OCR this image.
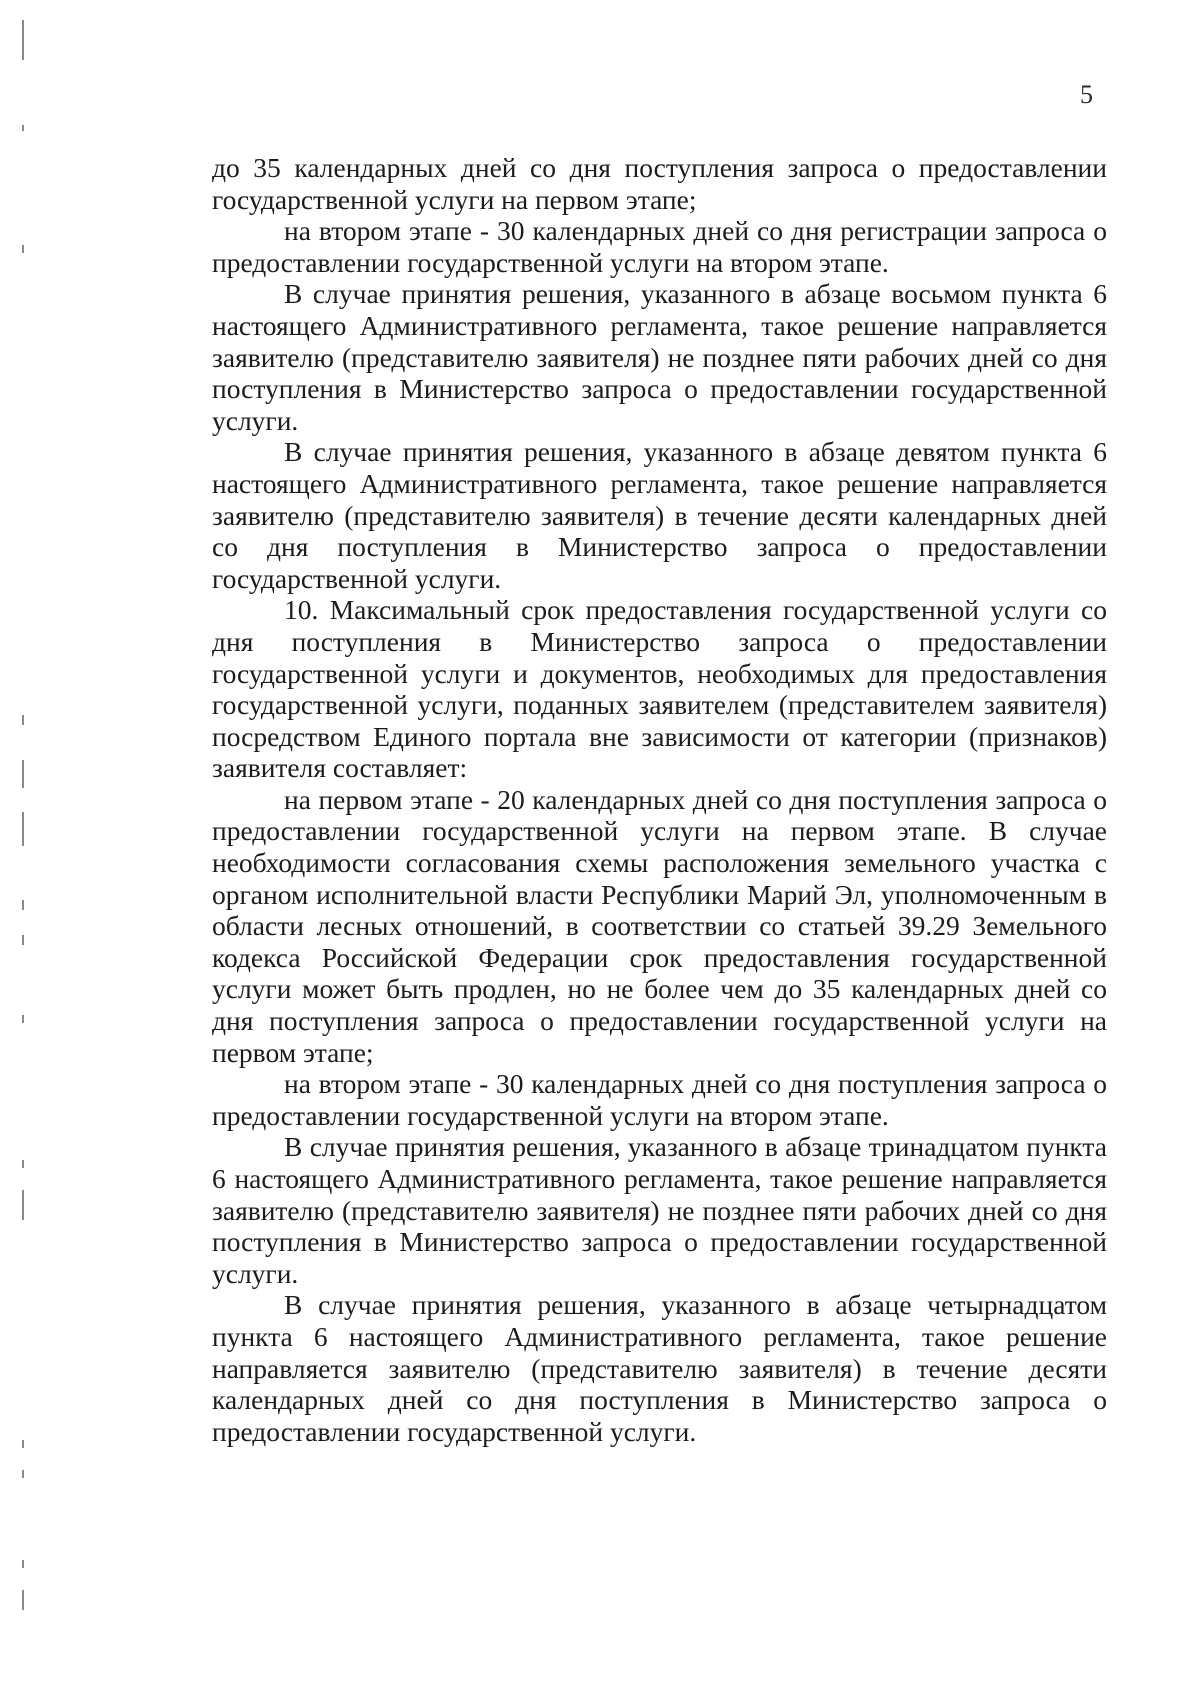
5

до 35 календарных дней со дня поступления запроса о предоставлении государственной услуги на первом этапе;

на втором этапе - 30 календарных дней со дня регистрации запроса о предоставлении государственной услуги на втором этапе.

В случае принятия решения, указанного в абзаце восьмом пункта 6 настоящего Административного регламента, такое решение направляется заявителю (представителю заявителя) не позднее пяти рабочих дней со дня поступления в Министерство запроса о предоставлении государственной услуги.

В случае принятия решения, указанного в абзаце девятом пункта 6 настоящего Административного регламента, такое решение направляется заявителю (представителю заявителя) в течение десяти календарных дней со дня поступления в Министерство запроса о предоставлении государственной услуги.

10. Максимальный срок предоставления государственной услуги со дня поступления в Министерство запроса о предоставлении государственной услуги и документов, необходимых для предоставления государственной услуги, поданных заявителем (представителем заявителя) посредством Единого портала вне зависимости от категории (признаков) заявителя составляет:

на первом этапе - 20 календарных дней со дня поступления запроса о предоставлении государственной услуги на первом этапе. В случае необходимости согласования схемы расположения земельного участка с органом исполнительной власти Республики Марий Эл, уполномоченным в области лесных отношений, в соответствии со статьей 39.29 Земельного кодекса Российской Федерации срок предоставления государственной услуги может быть продлен, но не более чем до 35 календарных дней со дня поступления запроса о предоставлении государственной услуги на первом этапе;

на втором этапе - 30 календарных дней со дня поступления запроса о предоставлении государственной услуги на втором этапе.

В случае принятия решения, указанного в абзаце тринадцатом пункта 6 настоящего Административного регламента, такое решение направляется заявителю (представителю заявителя) не позднее пяти рабочих дней со дня поступления в Министерство запроса о предоставлении государственной услуги.

В случае принятия решения, указанного в абзаце четырнадцатом пункта 6 настоящего Административного регламента, такое решение направляется заявителю (представителю заявителя) в течение десяти календарных дней со дня поступления в Министерство запроса о предоставлении государственной услуги.
